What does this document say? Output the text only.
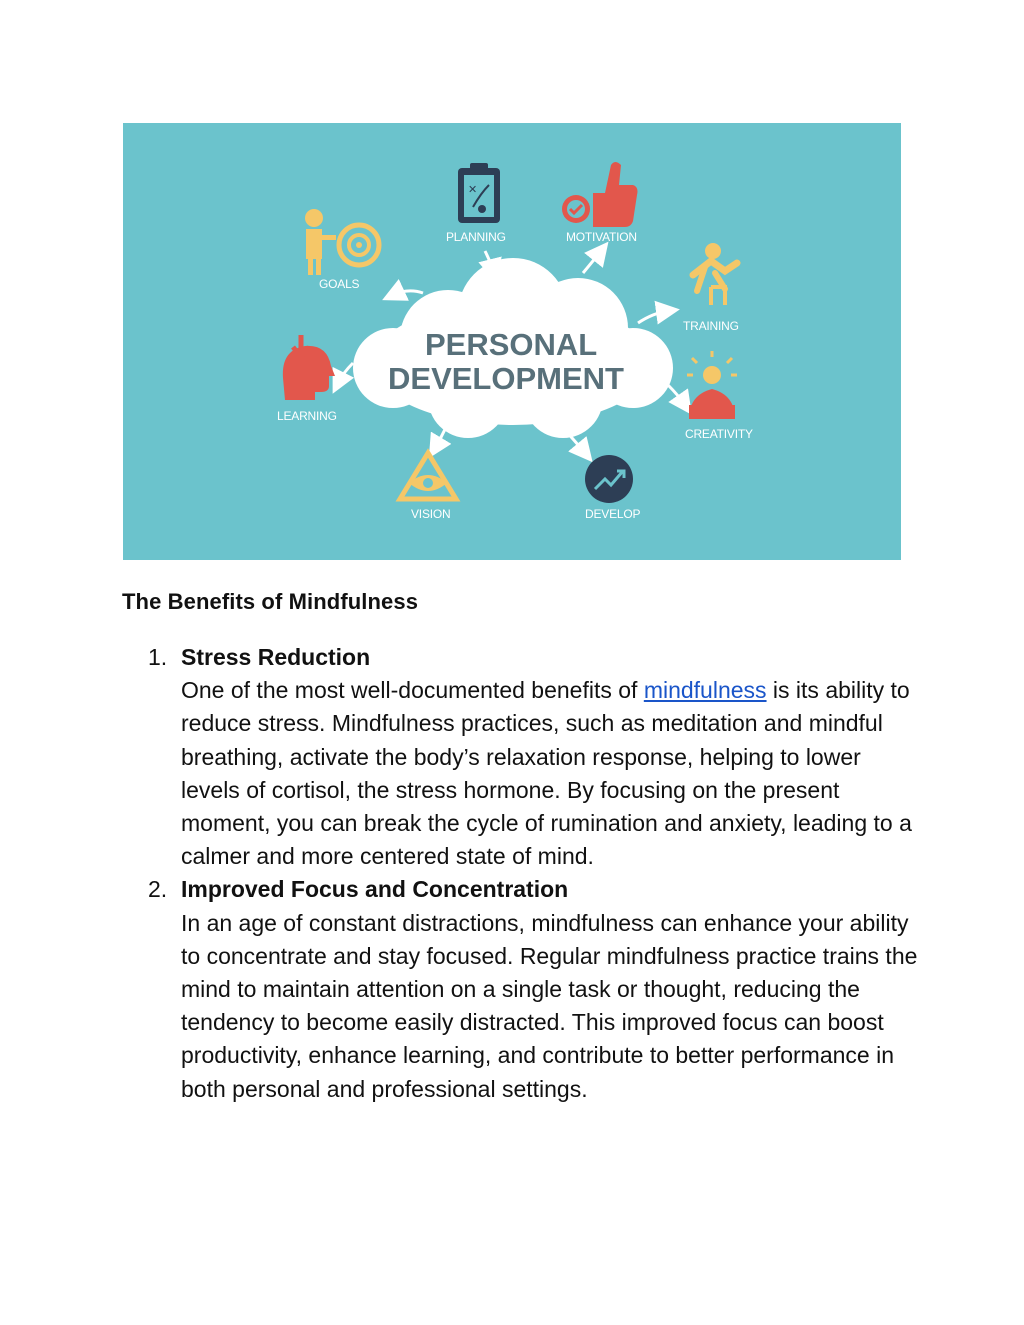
PERSONAL
DEVELOPMENT
✕
PLANNING	MOTIVATION
GOALS
TRAINING
LEARNING
CREATIVITY
VISION	DEVELOP
The Benefits of Mindfulness
1. Stress Reduction
One of the most well-documented benefits of mindfulness is its ability to reduce stress. Mindfulness practices, such as meditation and mindful breathing, activate the body’s relaxation response, helping to lower levels of cortisol, the stress hormone. By focusing on the present moment, you can break the cycle of rumination and anxiety, leading to a calmer and more centered state of mind.
2. Improved Focus and Concentration
In an age of constant distractions, mindfulness can enhance your ability to concentrate and stay focused. Regular mindfulness practice trains the mind to maintain attention on a single task or thought, reducing the tendency to become easily distracted. This improved focus can boost productivity, enhance learning, and contribute to better performance in both personal and professional settings.
